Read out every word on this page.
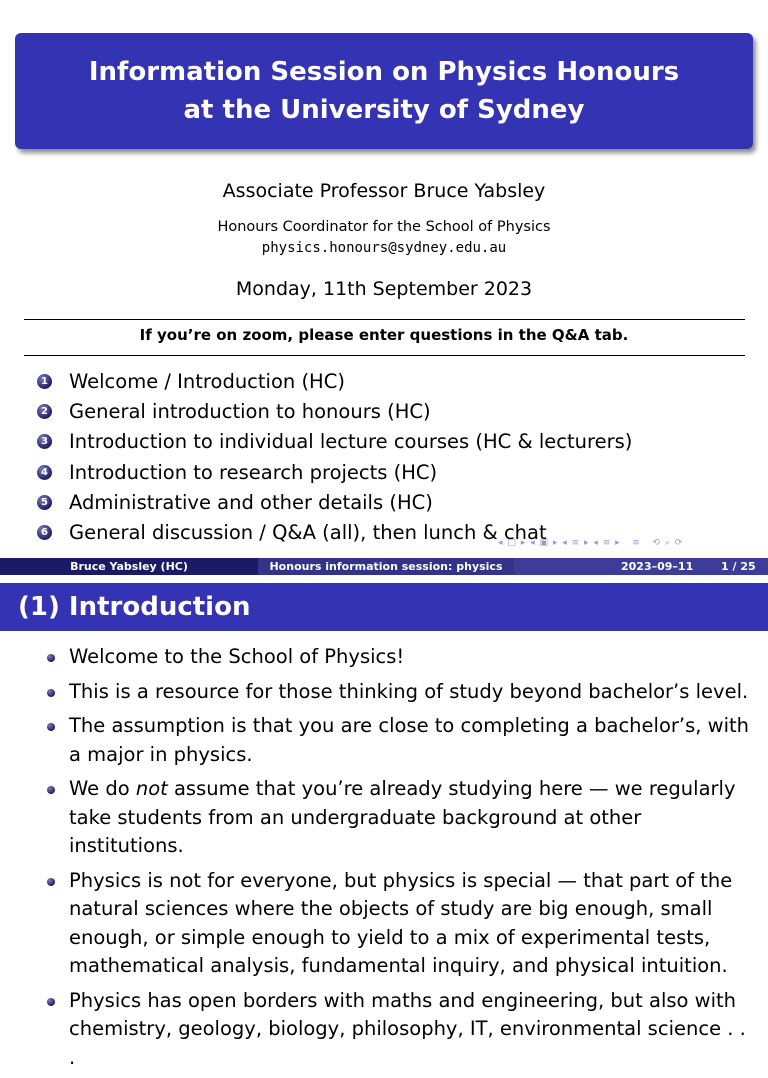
Information Session on Physics Honours
at the University of Sydney
Associate Professor Bruce Yabsley
Honours Coordinator for the School of Physics
physics.honours@sydney.edu.au
Monday, 11th September 2023
If you’re on zoom, please enter questions in the Q&A tab.
1 Welcome / Introduction (HC)
2 General introduction to honours (HC)
3 Introduction to individual lecture courses (HC & lecturers)
4 Introduction to research projects (HC)
5 Administrative and other details (HC)
6 General discussion / Q&A (all), then lunch & chat
◂ □ ▸ ◂ ▣ ▸ ◂ ≡ ▸ ◂ ≡ ▸   ≡   ⟲ ⌕ ⟳
Bruce Yabsley (HC)	Honours information session: physics	2023–09–11	1 / 25
(1) Introduction
Welcome to the School of Physics!
This is a resource for those thinking of study beyond bachelor’s level.
The assumption is that you are close to completing a bachelor’s, with a major in physics.
We do not assume that you’re already studying here — we regularly take students from an undergraduate background at other institutions.
Physics is not for everyone, but physics is special — that part of the natural sciences where the objects of study are big enough, small enough, or simple enough to yield to a mix of experimental tests, mathematical analysis, fundamental inquiry, and physical intuition.
Physics has open borders with maths and engineering, but also with chemistry, geology, biology, philosophy, IT, environmental science . . .
